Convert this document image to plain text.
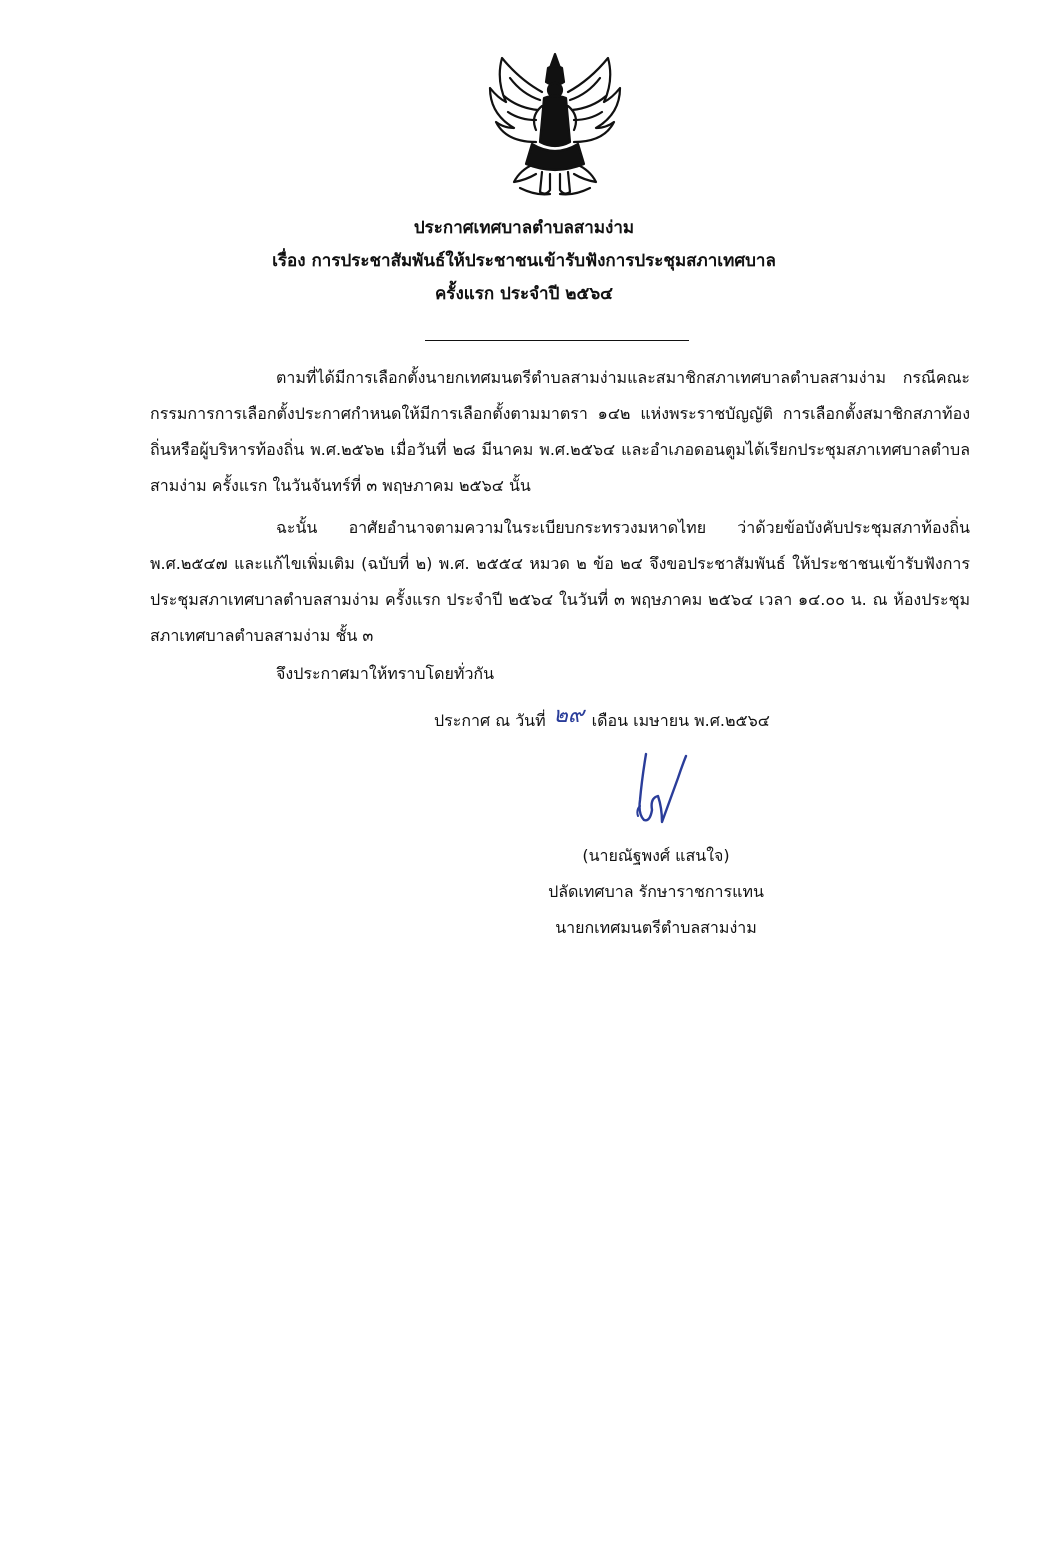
ประกาศเทศบาลตำบลสามง่าม
เรื่อง การประชาสัมพันธ์ให้ประชาชนเข้ารับฟังการประชุมสภาเทศบาล
ครั้งแรก ประจำปี ๒๕๖๔
ตามที่ได้มีการเลือกตั้งนายกเทศมนตรีตำบลสามง่ามและสมาชิกสภาเทศบาลตำบลสามง่าม กรณีคณะกรรมการการเลือกตั้งประกาศกำหนดให้มีการเลือกตั้งตามมาตรา ๑๔๒ แห่งพระราชบัญญัติ การเลือกตั้งสมาชิกสภาท้องถิ่นหรือผู้บริหารท้องถิ่น พ.ศ.๒๕๖๒ เมื่อวันที่ ๒๘ มีนาคม พ.ศ.๒๕๖๔ และอำเภอดอนตูมได้เรียกประชุมสภาเทศบาลตำบลสามง่าม ครั้งแรก ในวันจันทร์ที่ ๓ พฤษภาคม ๒๕๖๔ นั้น
ฉะนั้น อาศัยอำนาจตามความในระเบียบกระทรวงมหาดไทย ว่าด้วยข้อบังคับประชุมสภาท้องถิ่น พ.ศ.๒๕๔๗ และแก้ไขเพิ่มเติม (ฉบับที่ ๒) พ.ศ. ๒๕๕๔ หมวด ๒ ข้อ ๒๔ จึงขอประชาสัมพันธ์ ให้ประชาชนเข้ารับฟังการประชุมสภาเทศบาลตำบลสามง่าม ครั้งแรก ประจำปี ๒๕๖๔ ในวันที่ ๓ พฤษภาคม ๒๕๖๔ เวลา ๑๔.๐๐ น. ณ ห้องประชุมสภาเทศบาลตำบลสามง่าม ชั้น ๓
จึงประกาศมาให้ทราบโดยทั่วกัน
ประกาศ ณ วันที่ ๒๙ เดือน เมษายน พ.ศ.๒๕๖๔
(นายณัฐพงศ์ แสนใจ)
ปลัดเทศบาล รักษาราชการแทน
นายกเทศมนตรีตำบลสามง่าม
